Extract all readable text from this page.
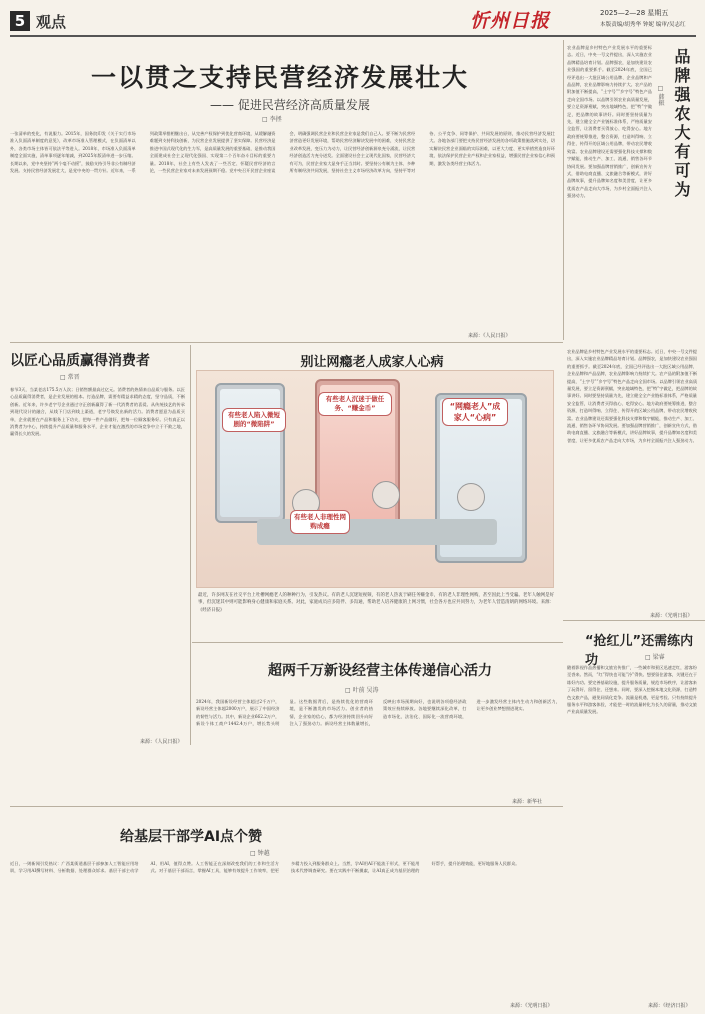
5 观点	忻州日报	2025—2—28 星期五
本版责编/胡秀华 钟妮 编审/吴志红
一以贯之支持民营经济发展壮大
—— 促进民营经济高质量发展
□ 李拯
一张清单的变化，有说服力。2015年，国务院印发《关于实行市场准入负面清单制度的意见》，改革市场准入管理模式，在负面清单以外，各类市场主体皆可依法平等进入。2018年，市场准入负面清单制度全面实施，清单事项逐年缩减，到2025年版清单进一步压缩。长期以来，党中央坚持“两个毫不动摇”，鼓励支持引导非公有制经济发展。支持民营经济发展壮大，是党中央的一贯方针。近年来，一系列政策举措相继出台，从完善产权保护到优化营商环境，从缓解融资难题到支持科技创新，为民营企业发展提供了坚实保障。民营经济是推进中国式现代化的生力军，是高质量发展的重要基础，是推动我国全面建成社会主义现代化强国、实现第二个百年奋斗目标的重要力量。2018年，社会上有些人发表了一些否定、怀疑民营经济的言论，一些民营企业家对未来发展预期不稳。党中央召开民营企业座谈会，明确强调民营企业和民营企业家是我们自己人。要不断为民营经济营造更好发展环境，帮助民营经济解决发展中的困难，支持民营企业改革发展，变压力为动力，让民营经济创新源泉充分涌流，让民营经济创造活力充分迸发。全面建设社会主义现代化国家，民营经济大有可为，民营企业家大显身手正当其时。要坚持公有制为主体、多种所有制经济共同发展，坚持社会主义市场经济改革方向，坚持平等对待、公平竞争、同等保护、共同发展的原则，推动民营经济发展壮大。各地各部门要把支持民营经济发展的各项政策措施落到实处，切实解决民营企业面临的实际困难，以更大力度、更实举措营造良好环境，依法保护民营企业产权和企业家权益，增强民营企业家信心和预期，激发各类经营主体活力。
来源：《人民日报》
品牌强农大有可为
□ 韩振
农业品牌是乡村特色产业发展水平的重要标志。近日，中央一号文件提出，深入实施农业品牌精品培育计划。品牌强农，是加快建设农业强国的重要抓手。截至2024年底，全国已经评选出一大批区域公用品牌、企业品牌和产品品牌，农业品牌影响力持续扩大。农产品的附加值不断提高，“土字号”“乡字号”特色产品走向全国市场。以品牌引领农业高质量发展，要立足资源禀赋，突出地域特色，把“特”字做足，把品牌的故事讲好。同时要坚持质量为先，建立健全全产业链标准体系，严格质量安全监管，让消费者买得放心、吃得安心。地方政府要统筹推进，整合资源，打造叫得响、立得住、传得开的区域公用品牌，带动农民增收致富。农业品牌建设还需要强化科技支撑和数字赋能，推动生产、加工、流通、销售各环节协同发展。要加强品牌营销推广，创新宣传方式，借助电商直播、文旅融合等新模式，讲好品牌故事，提升品牌知名度和美誉度，让更多优质农产品走向大市场，为乡村全面振兴注入强劲动力。
农业品牌是乡村特色产业发展水平的重要标志。近日，中央一号文件提出，深入实施农业品牌精品培育计划。品牌强农，是加快建设农业强国的重要抓手。截至2024年底，全国已经评选出一大批区域公用品牌、企业品牌和产品品牌，农业品牌影响力持续扩大。农产品的附加值不断提高，“土字号”“乡字号”特色产品走向全国市场。以品牌引领农业高质量发展，要立足资源禀赋，突出地域特色，把“特”字做足，把品牌的故事讲好。同时要坚持质量为先，建立健全全产业链标准体系，严格质量安全监管，让消费者买得放心、吃得安心。地方政府要统筹推进，整合资源，打造叫得响、立得住、传得开的区域公用品牌，带动农民增收致富。农业品牌建设还需要强化科技支撑和数字赋能，推动生产、加工、流通、销售各环节协同发展。要加强品牌营销推广，创新宣传方式，借助电商直播、文旅融合等新模式，讲好品牌故事，提升品牌知名度和美誉度，让更多优质农产品走向大市场，为乡村全面振兴注入强劲动力。
来源：《光明日报》
以匠心品质赢得消费者
□ 常晋
春节3天，当某老店175.5万人次；日销售额最高过亿元。消费者的热情来自品质与服务。以匠心品质赢得消费者，是企业发展的根本。打造品牌，需要有精益求精的态度，坚守品质，不断创新。近年来，许多老字号企业通过守正创新赢得了新一代消费者的喜爱。从传统技艺的传承到现代设计的融合，从线下门店到线上渠道，老字号焕发出新的活力。消费者愿意为品质买单，企业就要在产品和服务上下功夫，把每一件产品做好，把每一位顾客服务好。只有真正以消费者为中心，持续提升产品质量和服务水平，企业才能在激烈的市场竞争中立于不败之地，赢得长久的发展。
来源：《人民日报》
别让网瘾老人成家人心病
有些老人陷入微短剧的“微陷阱”
有些老人沉迷于做任务、“赚金币”	“网瘾老人”成家人“心病”
有些老人非理性网购成瘾
最近，许多网友在社交平台上吐槽网瘾老人的种种行为，引发热议。有的老人沉迷短视频，有的老人热衷于刷任务赚金币，有的老人非理性网购，甚至因此上当受骗。老年人触网是好事，但沉迷其中则可能影响身心健康和家庭关系。对此，家庭成员应多陪伴、多沟通，帮助老人培养健康的上网习惯，社会各方也应共同努力，为老年人营造清朗的网络环境。来源：《经济日报》
超两千万新设经营主体传递信心活力
□ 叶前 吴涛
2024年，我国新设经营主体超过2千万户，新设经营主体超2000万户，展示了中国经济的韧性与活力。其中，新设企业662.2万户，新设个体工商户1442.4万户，增长势头明显。这些数据背后，是持续优化的营商环境，是不断激发的市场活力。创业者的热情，企业家的信心，都为经济持续回升向好注入了强劲动力。新设经营主体数量增长，反映出市场预期向好，也说明各项稳经济政策效应持续释放。各地要继续深化改革，打造市场化、法治化、国际化一流营商环境，进一步激发经营主体内生动力和创新活力，让更多创业梦想照进现实。
来源：新华社
给基层干部学AI点个赞
□ 钟越
近日，一则新闻引发热议：广西某街道基层干部参加人工智能应用培训，学习用AI撰写材料、分析数据、处理群众诉求。基层干部主动学AI、用AI，值得点赞。人工智能正在深刻改变我们的工作和生活方式。对于基层干部而言，掌握AI工具，能够有效提升工作效率，把更多精力投入到服务群众上。当然，学AI用AI不能流于形式，更不能用技术代替调查研究。要在实践中不断摸索，让AI真正成为基层治理的好帮手，提升治理效能，更好地服务人民群众。
来源：《光明日报》
“抢红儿”还需练内功	□ 梁睿
随着影视作品热播和文旅宣传推广，一些城市和景区迅速走红，游客纷至沓来。然而，“红”得快也可能“冷”得快。想要留住游客，关键还在于练好内功。要完善基础设施，提升服务质量，规范市场秩序，让游客来了玩得好、留得住、还想来。同时，要深入挖掘本地文化资源，打造特色文旅产品，避免同质化竞争。流量是机遇，更是考验。只有持续提升服务水平和游客体验，才能把一时的流量转化为长久的留量，推动文旅产业高质量发展。
来源：《经济日报》
